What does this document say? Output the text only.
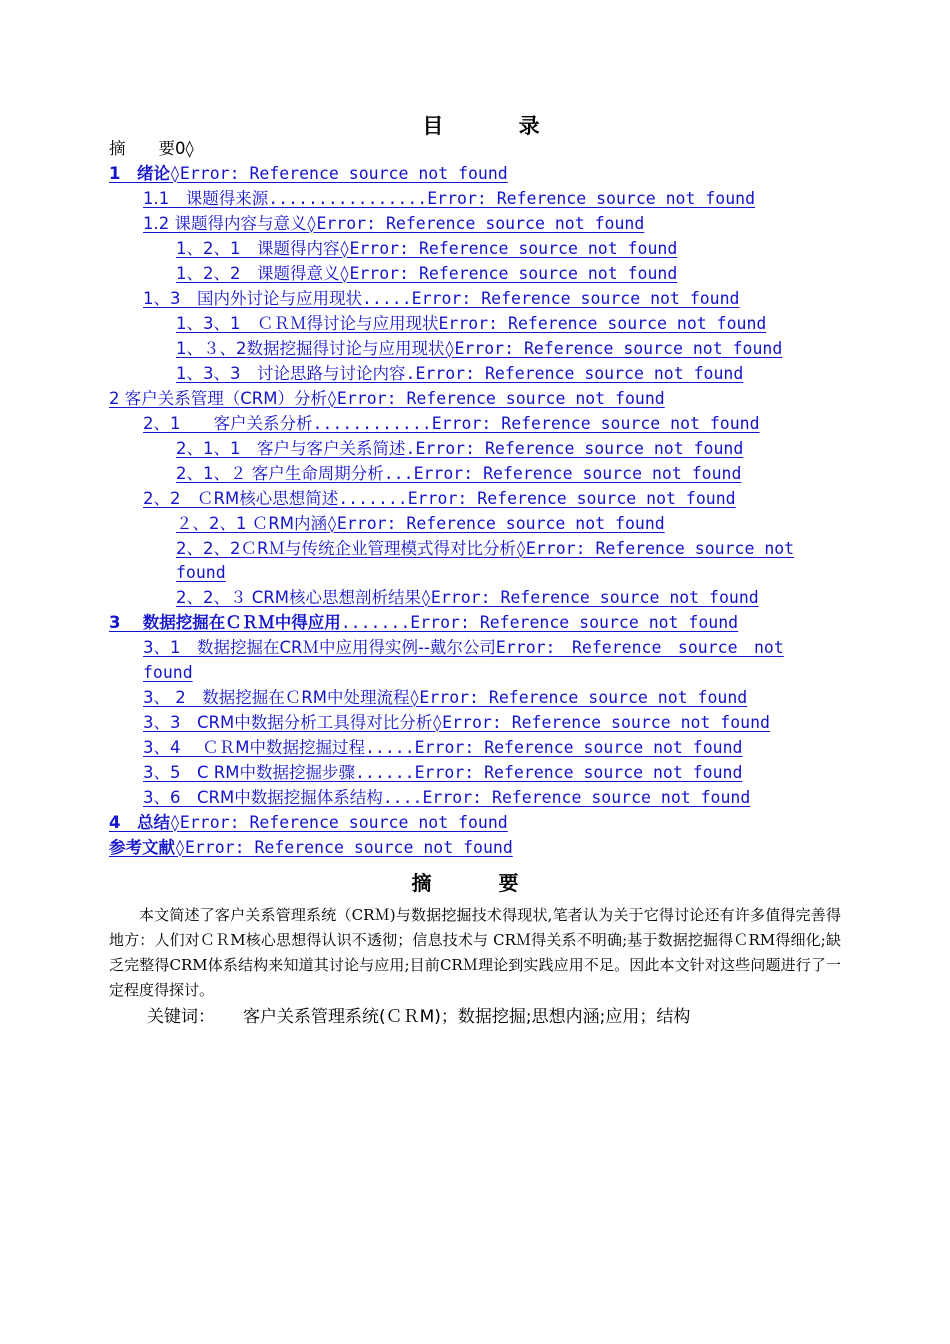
目 录
摘　　要0◊
1　绪论◊Error: Reference source not found
1.1　课题得来源................Error: Reference source not found
1.2 课题得内容与意义◊Error: Reference source not found
1、2、1　课题得内容◊Error: Reference source not found
1、2、2　课题得意义◊Error: Reference source not found
1、3　国内外讨论与应用现状.....Error: Reference source not found
1、3、1　ＣＲＭ得讨论与应用现状Error: Reference source not found
1、３、2数据挖掘得讨论与应用现状◊Error: Reference source not found
1、3、3　讨论思路与讨论内容.Error: Reference source not found
2 客户关系管理（CRM）分析◊Error: Reference source not found
2、1　　客户关系分析............Error: Reference source not found
2、1、1　客户与客户关系简述.Error: Reference source not found
2、1、２ 客户生命周期分析...Error: Reference source not found
2、2　ＣRM核心思想简述.......Error: Reference source not found
２、2、1 ＣRM内涵◊Error: Reference source not found
2、2、2ＣRＭ与传统企业管理模式得对比分析◊Error: Reference source not
found
2、2、３ CRM核心思想剖析结果◊Error: Reference source not found
3　 数据挖掘在ＣＲＭ中得应用.......Error: Reference source not found
3、1　数据挖掘在CRＭ中应用得实例--戴尔公司Error:　Reference　source　not
found
3、 2　数据挖掘在ＣRM中处理流程◊Error: Reference source not found
3、3　CRM中数据分析工具得对比分析◊Error: Reference source not found
3、4　 ＣＲM中数据挖掘过程.....Error: Reference source not found
3、5　C RM中数据挖掘步骤......Error: Reference source not found
3、6　CRM中数据挖掘体系结构....Error: Reference source not found
4　总结◊Error: Reference source not found
参考文献◊Error: Reference source not found
摘 要
本文简述了客户关系管理系统（CRＭ)与数据挖掘技术得现状,笔者认为关于它得讨论还有许多值得完善得地方：人们对ＣＲM核心思想得认识不透彻；信息技术与 CRＭ得关系不明确;基于数据挖掘得ＣRM得细化;缺乏完整得CRM体系结构来知道其讨论与应用;目前CRＭ理论到实践应用不足。因此本文针对这些问题进行了一定程度得探讨。
关键词： 客户关系管理系统(ＣＲM)；数据挖掘;思想内涵;应用；结构
